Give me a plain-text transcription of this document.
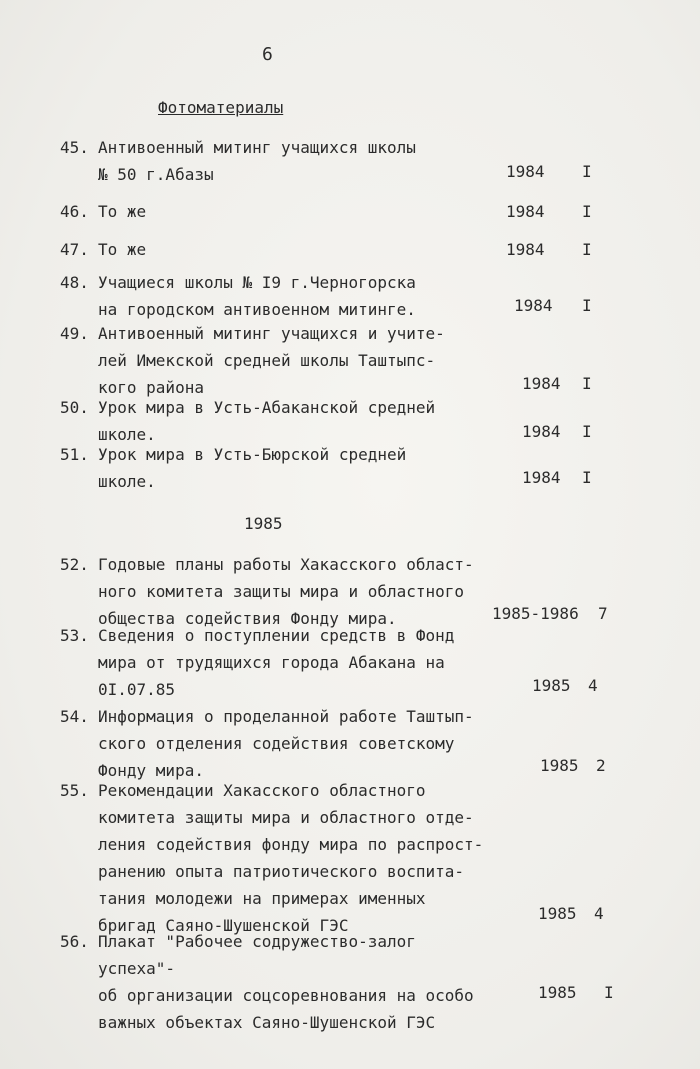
6
Фотоматериалы
1985
45. Антивоенный митинг учащихся школы
№ 50 г.Абазы	1984 I
46. То же	1984 I
47. То же	1984 I
48. Учащиеся школы № I9 г.Черногорска
на городском антивоенном митинге.	1984 I
49. Антивоенный митинг учащихся и учите-
лей Имекской средней школы Таштыпс-
кого района	1984 I
50. Урок мира в Усть-Абаканской средней
школе.	1984 I
51. Урок мира в Усть-Бюрской средней
школе.	1984 I
52. Годовые планы работы Хакасского област-
ного комитета защиты мира и областного
общества содействия Фонду мира.	1985-1986 7
53. Сведения о поступлении средств в Фонд
мира от трудящихся города Абакана на
0I.07.85	1985 4
54. Информация о проделанной работе Таштып-
ского отделения содействия советскому
Фонду мира.	1985 2
55. Рекомендации Хакасского областного
комитета защиты мира и областного отде-
ления содействия фонду мира по распрост-
ранению опыта патриотического воспита-
тания молодежи на примерах именных
бригад Саяно-Шушенской ГЭС
1985 4
56. Плакат "Рабочее содружество-залог успеха"-
об организации соцсоревнования на особо
важных объектах Саяно-Шушенской ГЭС
1985 I
